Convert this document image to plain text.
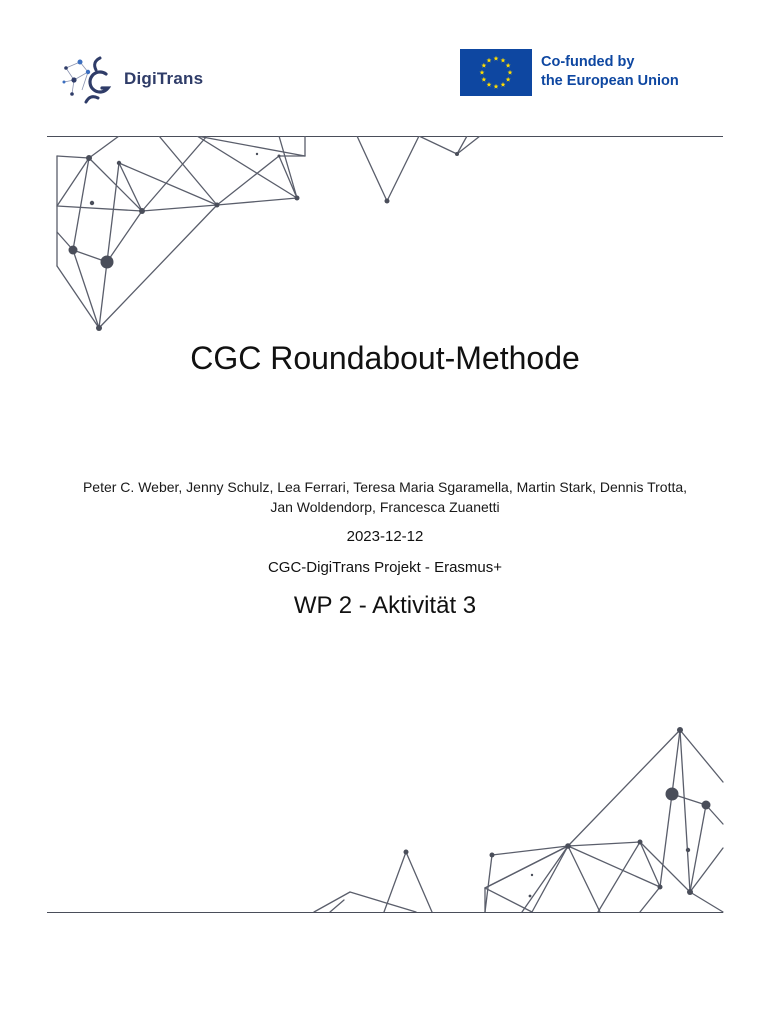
DigiTrans
Co-funded by
the European Union
CGC Roundabout-Methode
Peter C. Weber, Jenny Schulz, Lea Ferrari, Teresa Maria Sgaramella, Martin Stark, Dennis Trotta,
Jan Woldendorp, Francesca Zuanetti
2023-12-12
CGC-DigiTrans Projekt - Erasmus+
WP 2 - Aktivität 3
